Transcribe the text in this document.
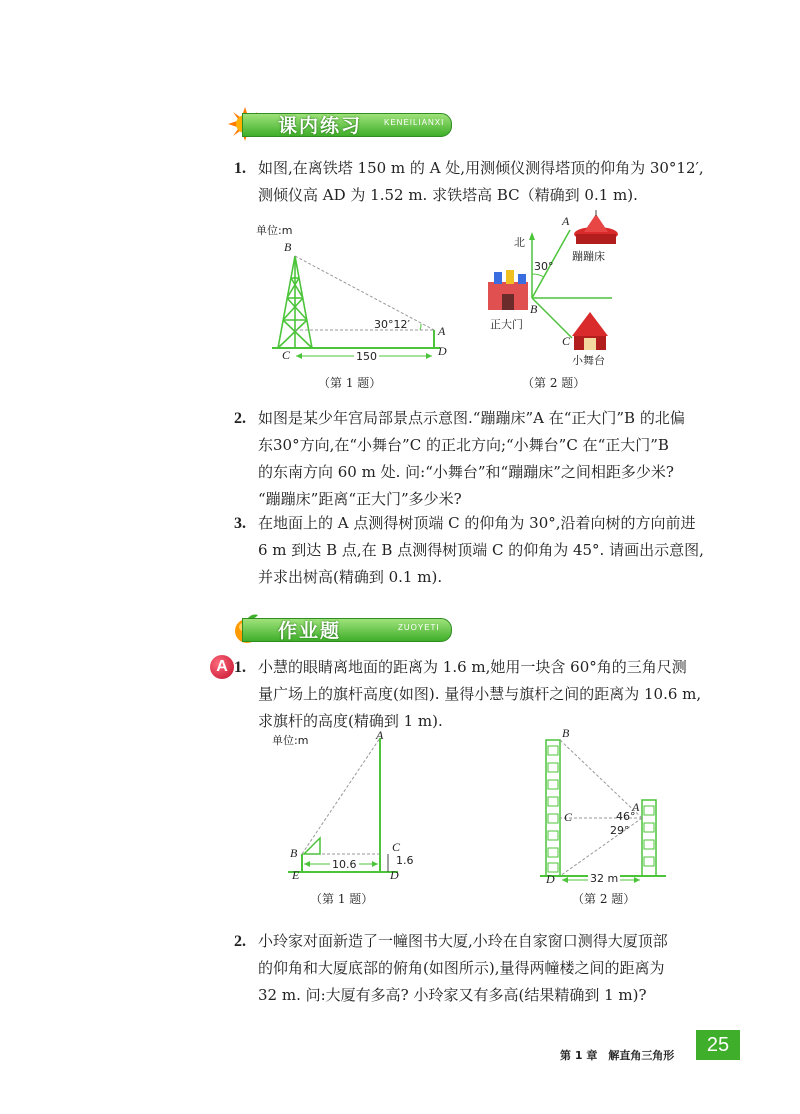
课内练习	KENEILIANXI
1. 如图,在离铁塔 150 m 的 A 处,用测倾仪测得塔顶的仰角为 30°12′,

测倾仪高 AD 为 1.52 m. 求铁塔高 BC（精确到 0.1 m).

单位:m
B
C
A
D
30°12′
150
（第 1 题）
北
A
B
C
30°
蹦蹦床
正大门
小舞台
（第 2 题）
2. 如图是某少年宫局部景点示意图.“蹦蹦床”A 在“正大门”B 的北偏

东30°方向,在“小舞台”C 的正北方向;“小舞台”C 在“正大门”B

的东南方向 60 m 处. 问:“小舞台”和“蹦蹦床”之间相距多少米?

“蹦蹦床”距离“正大门”多少米?

3. 在地面上的 A 点测得树顶端 C 的仰角为 30°,沿着向树的方向前进

6 m 到达 B 点,在 B 点测得树顶端 C 的仰角为 45°. 请画出示意图,

并求出树高(精确到 0.1 m).

作业题	ZUOYETI
A 1. 小慧的眼睛离地面的距离为 1.6 m,她用一块含 60°角的三角尺测

量广场上的旗杆高度(如图). 量得小慧与旗杆之间的距离为 10.6 m,

求旗杆的高度(精确到 1 m).

单位:m	A
B	C
D
E
10.6	1.6
（第 1 题）
B
A
C
D
46°
29°
32 m
（第 2 题）
2. 小玲家对面新造了一幢图书大厦,小玲在自家窗口测得大厦顶部

的仰角和大厦底部的俯角(如图所示),量得两幢楼之间的距离为

32 m. 问:大厦有多高? 小玲家又有多高(结果精确到 1 m)?

第 1 章　解直角三角形	25
